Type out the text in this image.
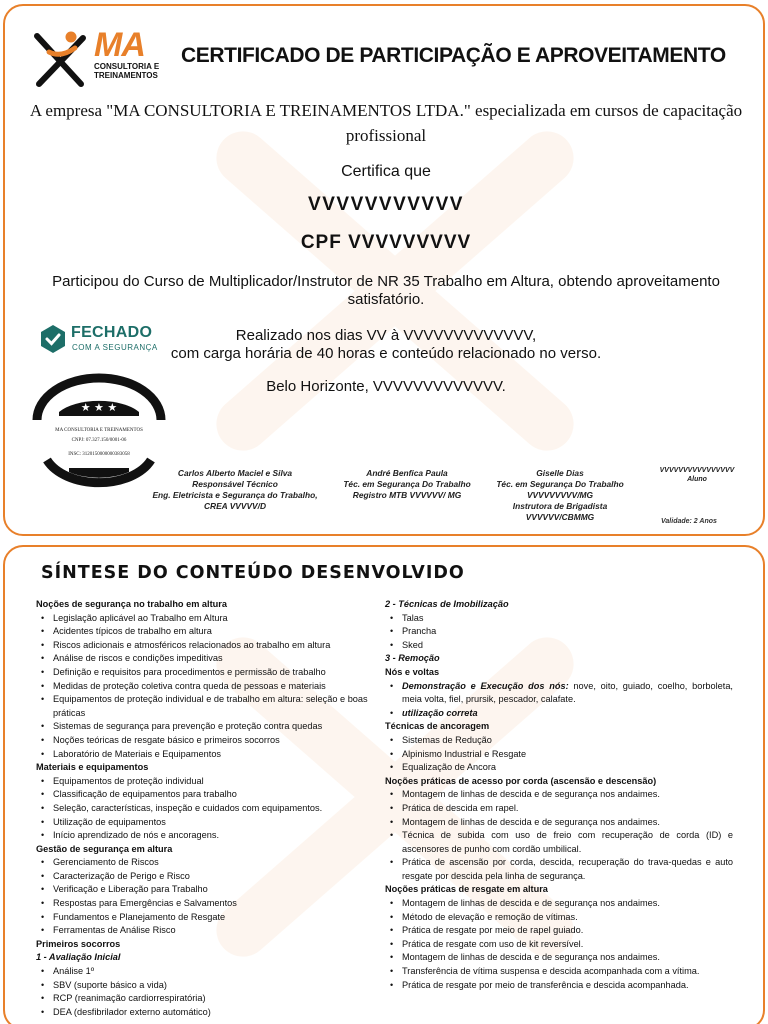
MA
CONSULTORIA E
TREINAMENTOS
CERTIFICADO DE PARTICIPAÇÃO E APROVEITAMENTO
A empresa "MA CONSULTORIA E TREINAMENTOS LTDA." especializada em cursos de capacitação profissional
Certifica que
VVVVVVVVVVV
CPF VVVVVVVVV
Participou do Curso de Multiplicador/Instrutor de NR 35 Trabalho em Altura, obtendo aproveitamento satisfatório.
FECHADO
COM A SEGURANÇA
Realizado nos dias VV à VVVVVVVVVVVVV,
com carga horária de 40 horas e conteúdo relacionado no verso.
Belo Horizonte, VVVVVVVVVVVVV.
★ ★ ★
★ ★ ★
MA CONSULTORIA E TREINAMENTOS
CNPJ: 07.327.150/0001-06
INSC: 3120150000000383058
Carlos Alberto Maciel e Silva
Responsável Técnico
Eng. Eletricista e Segurança do Trabalho,
CREA VVVVV/D
André Benfica Paula
Téc. em Segurança Do Trabalho
Registro MTB VVVVVV/ MG
Giselle Dias
Téc. em Segurança Do Trabalho
VVVVVVVVV/MG
Instrutora de Brigadista
VVVVVV/CBMMG
VVVVVVVVVVVVVVVV
Aluno
Validade: 2 Anos
SÍNTESE DO CONTEÚDO DESENVOLVIDO
Noções de segurança no trabalho em altura
• Legislação aplicável ao Trabalho em Altura
• Acidentes típicos de trabalho em altura
• Riscos adicionais e atmosféricos relacionados ao trabalho em altura
• Análise de riscos e condições impeditivas
• Definição e requisitos para procedimentos e permissão de trabalho
• Medidas de proteção coletiva contra queda de pessoas e materiais
• Equipamentos de proteção individual e de trabalho em altura: seleção e boas práticas
• Sistemas de segurança para prevenção e proteção contra quedas
• Noções teóricas de resgate básico e primeiros socorros
• Laboratório de Materiais e Equipamentos
Materiais e equipamentos
• Equipamentos de proteção individual
• Classificação de equipamentos para trabalho
• Seleção, características, inspeção e cuidados com equipamentos.
• Utilização de equipamentos
• Início aprendizado de nós e ancoragens.
Gestão de segurança em altura
• Gerenciamento de Riscos
• Caracterização de Perigo e Risco
• Verificação e Liberação para Trabalho
• Respostas para Emergências e Salvamentos
• Fundamentos e Planejamento de Resgate
• Ferramentas de Análise Risco
Primeiros socorros
1 - Avaliação Inicial
• Análise 1º
• SBV (suporte básico a vida)
• RCP (reanimação cardiorrespiratória)
• DEA (desfibrilador externo automático)
2 - Técnicas de Imobilização
• Talas
• Prancha
• Sked
3 - Remoção
Nós e voltas
• Demonstração e Execução dos nós: nove, oito, guiado, coelho, borboleta, meia volta, fiel, prursik, pescador, calafate.
• utilização correta
Técnicas de ancoragem
• Sistemas de Redução
• Alpinismo Industrial e Resgate
• Equalização de Ancora
Noções práticas de acesso por corda (ascensão e descensão)
• Montagem de linhas de descida e de segurança nos andaimes.
• Prática de descida em rapel.
• Montagem de linhas de descida e de segurança nos andaimes.
• Técnica de subida com uso de freio com recuperação de corda (ID) e ascensores de punho com cordão umbilical.
• Prática de ascensão por corda, descida, recuperação do trava-quedas e auto resgate por descida pela linha de segurança.
Noções práticas de resgate em altura
• Montagem de linhas de descida e de segurança nos andaimes.
• Método de elevação e remoção de vítimas.
• Prática de resgate por meio de rapel guiado.
• Prática de resgate com uso de kit reversível.
• Montagem de linhas de descida e de segurança nos andaimes.
• Transferência de vítima suspensa e descida acompanhada com a vítima.
• Prática de resgate por meio de transferência e descida acompanhada.
